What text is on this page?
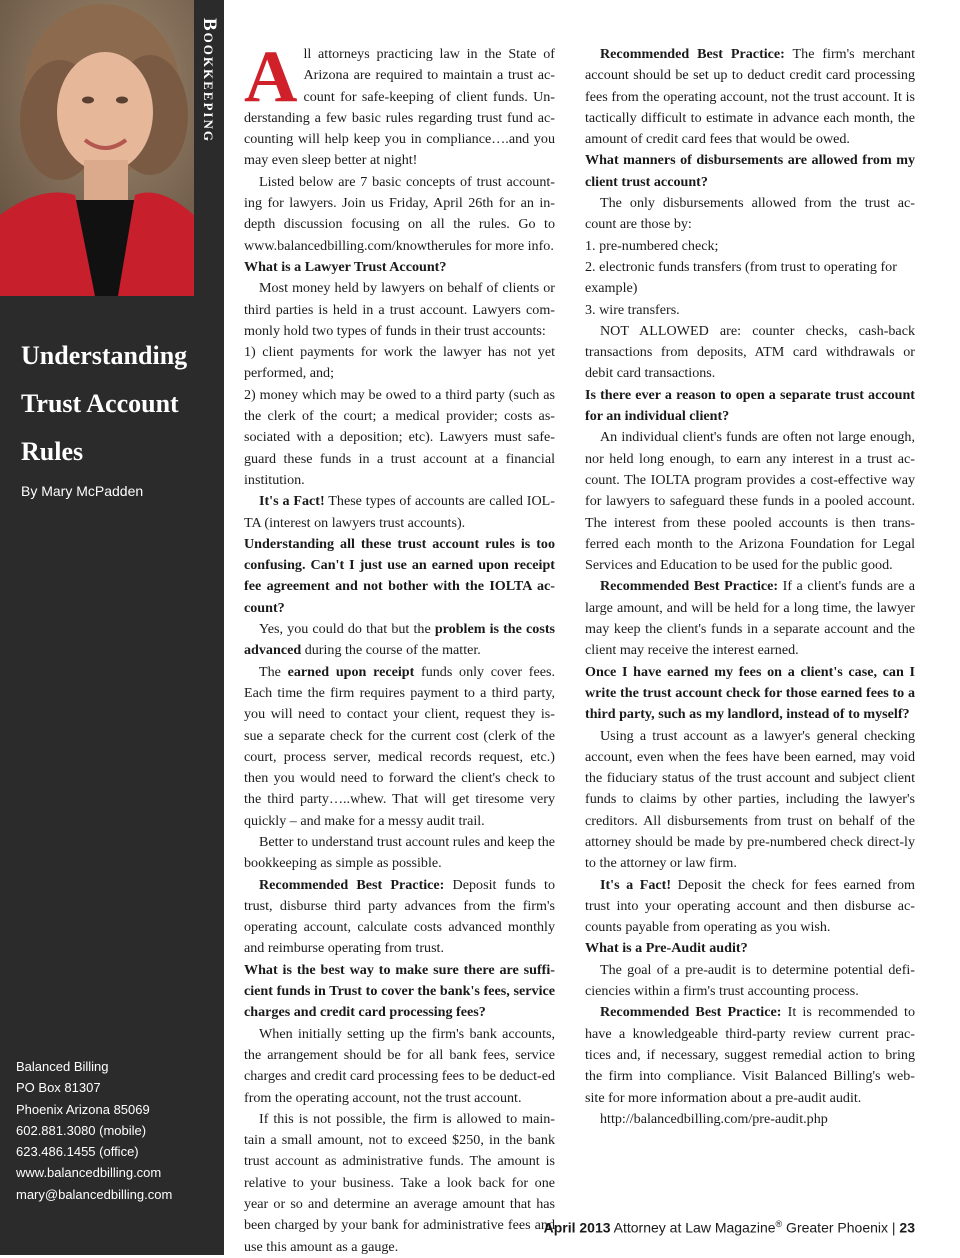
Bookkeeping
Understanding
Trust Account
Rules
By Mary McPadden
Balanced Billing
PO Box 81307
Phoenix Arizona 85069
602.881.3080 (mobile)
623.486.1455 (office)
www.balancedbilling.com
mary@balancedbilling.com

All attorneys practicing law in the State of Arizona are required to maintain a trust ac-count for safe-keeping of client funds. Un-derstanding a few basic rules regarding trust fund ac-counting will help keep you in compliance….and you may even sleep better at night!

Listed below are 7 basic concepts of trust account-ing for lawyers. Join us Friday, April 26th for an in-depth discussion focusing on all the rules. Go to www.balancedbilling.com/knowtherules for more info.

What is a Lawyer Trust Account?

Most money held by lawyers on behalf of clients or third parties is held in a trust account. Lawyers com-monly hold two types of funds in their trust accounts:

1) client payments for work the lawyer has not yet performed, and;

2) money which may be owed to a third party (such as the clerk of the court; a medical provider; costs as-sociated with a deposition; etc). Lawyers must safe-guard these funds in a trust account at a financial institution.

It's a Fact! These types of accounts are called IOL-TA (interest on lawyers trust accounts).

Understanding all these trust account rules is too confusing. Can't I just use an earned upon receipt fee agreement and not bother with the IOLTA ac-count?

Yes, you could do that but the problem is the costs advanced during the course of the matter.

The earned upon receipt funds only cover fees. Each time the firm requires payment to a third party, you will need to contact your client, request they is-sue a separate check for the current cost (clerk of the court, process server, medical records request, etc.) then you would need to forward the client's check to the third party…..whew. That will get tiresome very quickly – and make for a messy audit trail.

Better to understand trust account rules and keep the bookkeeping as simple as possible.

Recommended Best Practice: Deposit funds to trust, disburse third party advances from the firm's operating account, calculate costs advanced monthly and reimburse operating from trust.

What is the best way to make sure there are suffi-cient funds in Trust to cover the bank's fees, service charges and credit card processing fees?

When initially setting up the firm's bank accounts, the arrangement should be for all bank fees, service charges and credit card processing fees to be deduct-ed from the operating account, not the trust account.

If this is not possible, the firm is allowed to main-tain a small amount, not to exceed $250, in the bank trust account as administrative funds. The amount is relative to your business. Take a look back for one year or so and determine an average amount that has been charged by your bank for administrative fees and use this amount as a gauge.

Recommended Best Practice: The firm's merchant account should be set up to deduct credit card processing fees from the operating account, not the trust account. It is tactically difficult to estimate in advance each month, the amount of credit card fees that would be owed.

What manners of disbursements are allowed from my client trust account?

The only disbursements allowed from the trust ac-count are those by:

1. pre-numbered check;

2. electronic funds transfers (from trust to operating for example)

3. wire transfers.

NOT ALLOWED are: counter checks, cash-back transactions from deposits, ATM card withdrawals or debit card transactions.

Is there ever a reason to open a separate trust account for an individual client?

An individual client's funds are often not large enough, nor held long enough, to earn any interest in a trust ac-count. The IOLTA program provides a cost-effective way for lawyers to safeguard these funds in a pooled account. The interest from these pooled accounts is then trans-ferred each month to the Arizona Foundation for Legal Services and Education to be used for the public good.

Recommended Best Practice: If a client's funds are a large amount, and will be held for a long time, the lawyer may keep the client's funds in a separate account and the client may receive the interest earned.

Once I have earned my fees on a client's case, can I write the trust account check for those earned fees to a third party, such as my landlord, instead of to myself?

Using a trust account as a lawyer's general checking account, even when the fees have been earned, may void the fiduciary status of the trust account and subject client funds to claims by other parties, including the lawyer's creditors. All disbursements from trust on behalf of the attorney should be made by pre-numbered check direct-ly to the attorney or law firm.

It's a Fact! Deposit the check for fees earned from trust into your operating account and then disburse ac-counts payable from operating as you wish.

What is a Pre-Audit audit?

The goal of a pre-audit is to determine potential defi-ciencies within a firm's trust accounting process.

Recommended Best Practice: It is recommended to have a knowledgeable third-party review current prac-tices and, if necessary, suggest remedial action to bring the firm into compliance. Visit Balanced Billing's web-site for more information about a pre-audit audit.

http://balancedbilling.com/pre-audit.php

April 2013 Attorney at Law Magazine® Greater Phoenix | 23
